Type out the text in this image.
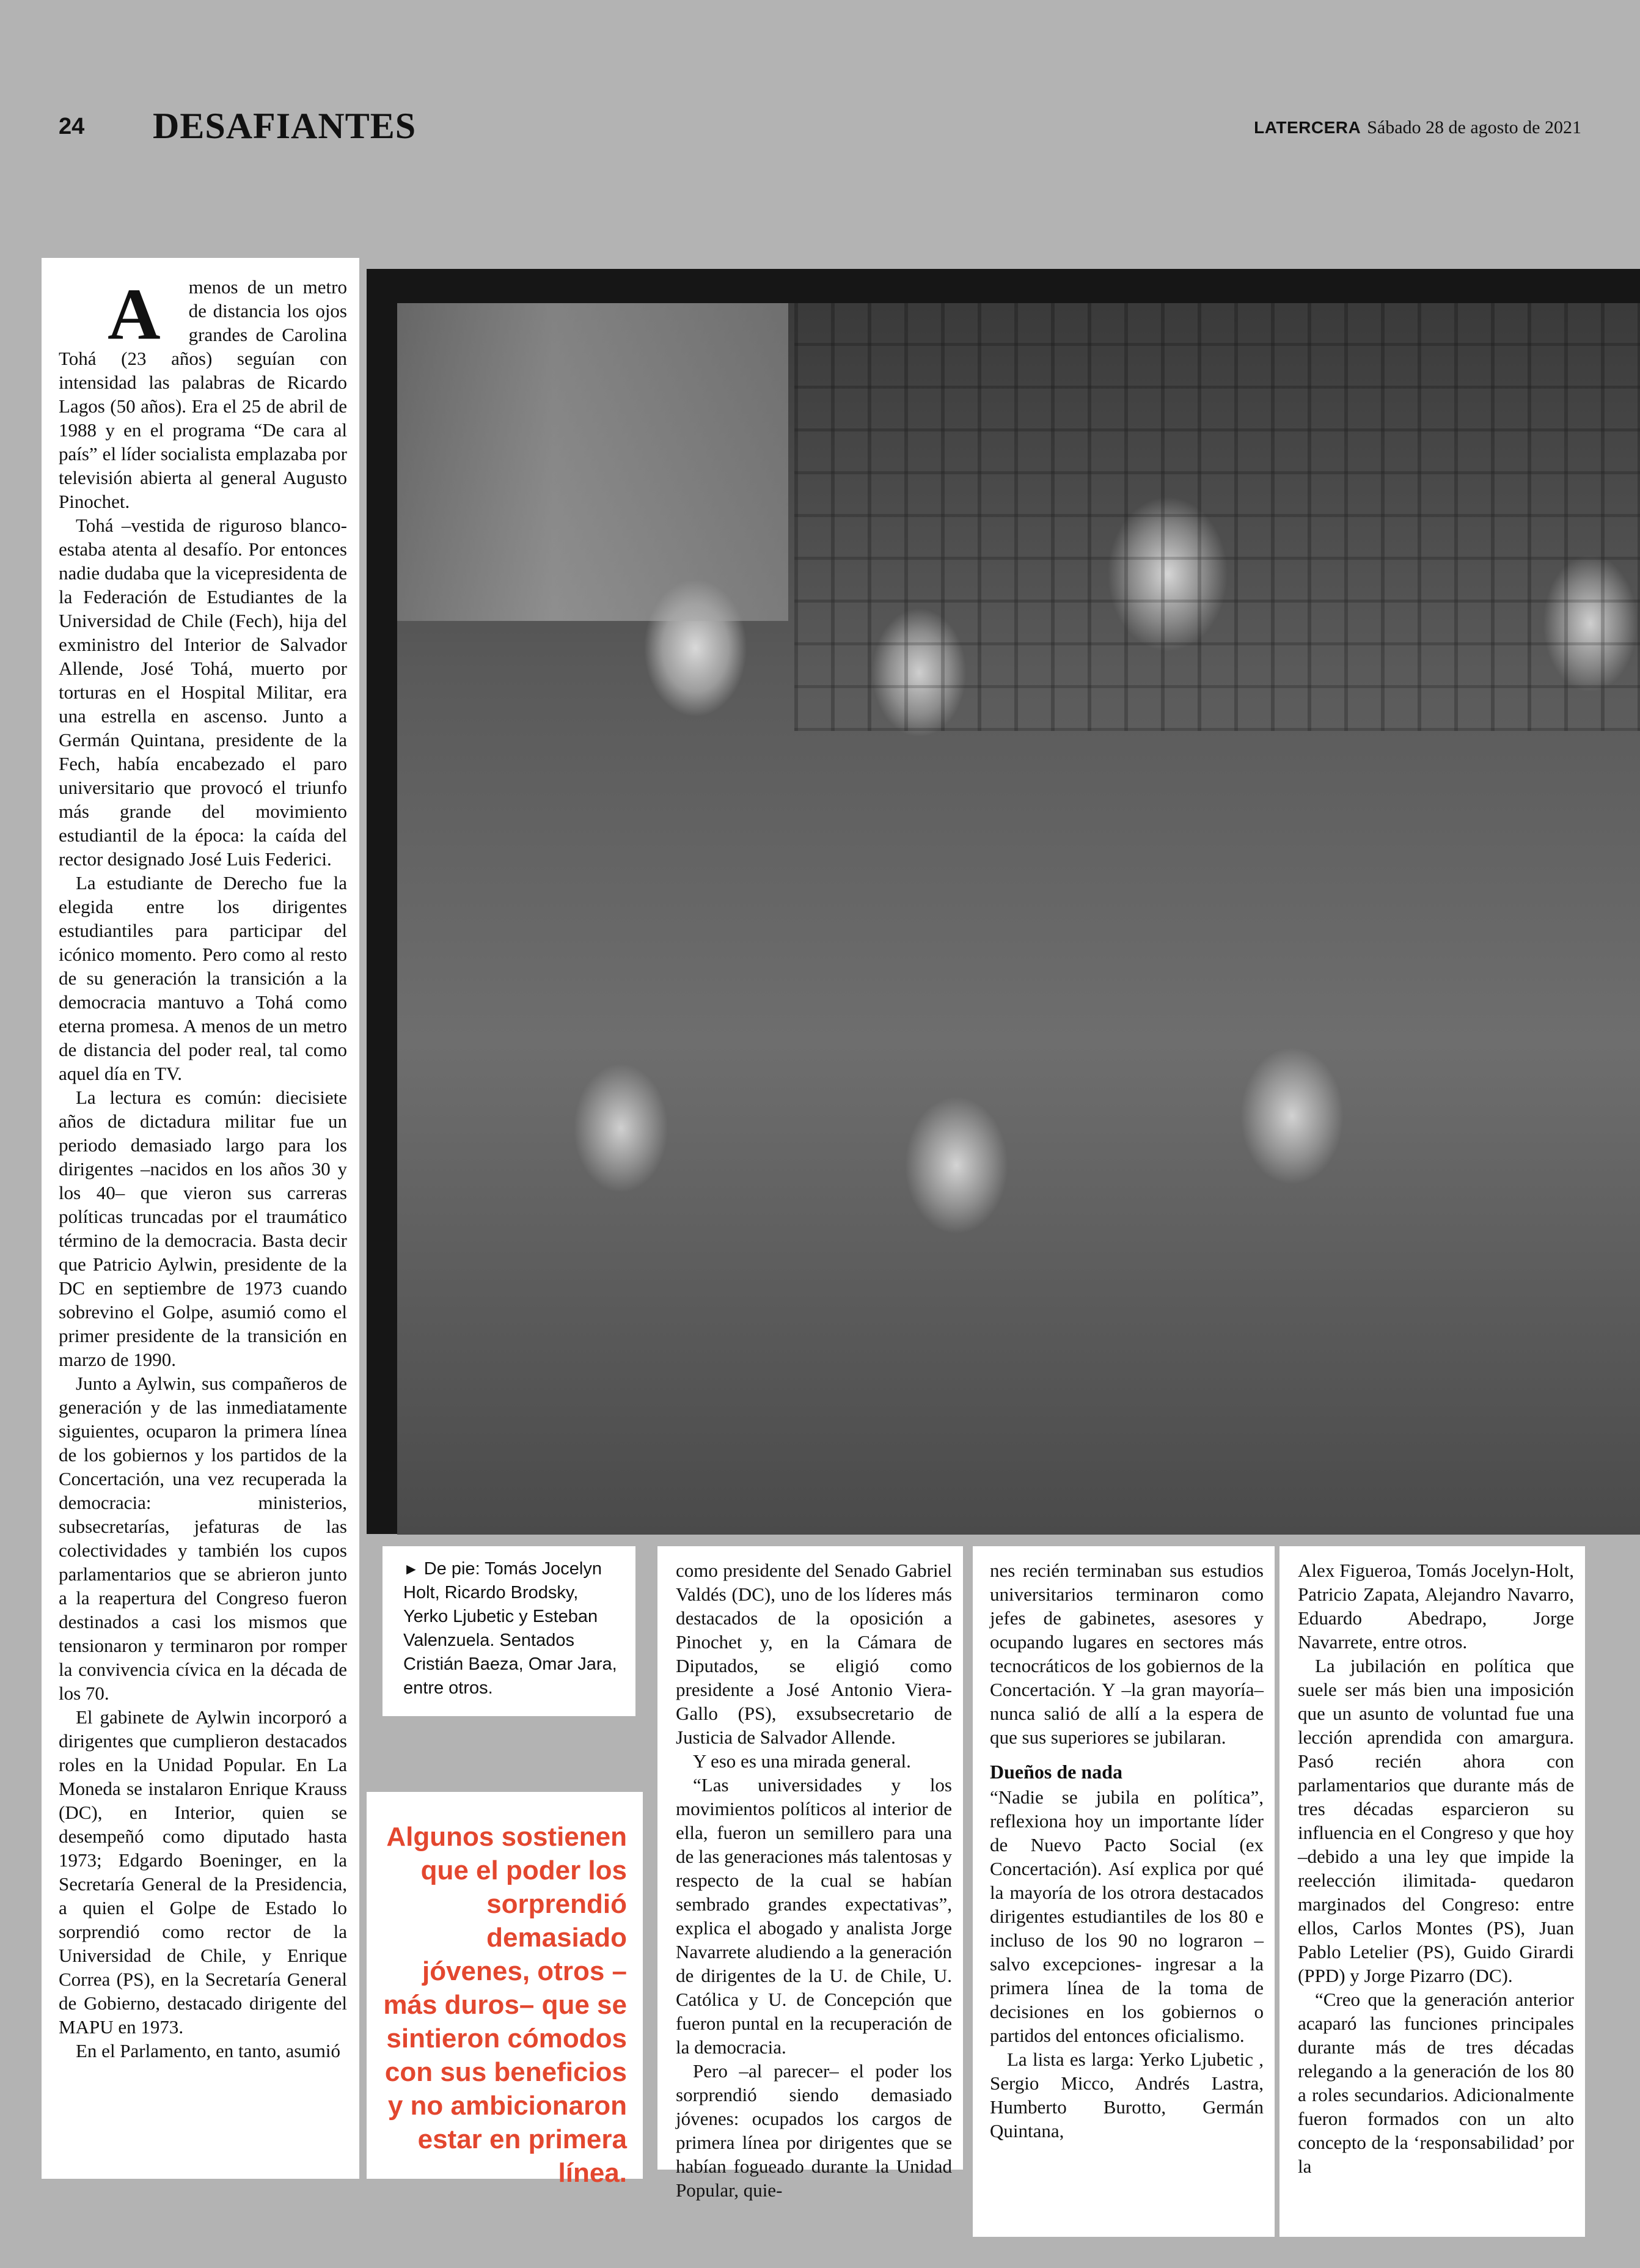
24 DESAFIANTES	LATERCERA Sábado 28 de agosto de 2021
A	menos de un metro de distancia los ojos grandes de Carolina Tohá (23 años) seguían con intensidad las palabras de Ricardo Lagos (50 años). Era el 25 de abril de 1988 y en el programa “De cara al país” el líder socialista emplazaba por televisión abierta al general Augusto Pinochet.

Tohá –vestida de riguroso blanco- estaba atenta al desafío. Por entonces nadie dudaba que la vicepresidenta de la Federación de Estudiantes de la Universidad de Chile (Fech), hija del exministro del Interior de Salvador Allende, José Tohá, muerto por torturas en el Hospital Militar, era una estrella en ascenso. Junto a Germán Quintana, presidente de la Fech, había encabezado el paro universitario que provocó el triunfo más grande del movimiento estudiantil de la época: la caída del rector designado José Luis Federici.

La estudiante de Derecho fue la elegida entre los dirigentes estudiantiles para participar del icónico momento. Pero como al resto de su generación la transición a la democracia mantuvo a Tohá como eterna promesa. A menos de un metro de distancia del poder real, tal como aquel día en TV.

La lectura es común: diecisiete años de dictadura militar fue un periodo demasiado largo para los dirigentes –nacidos en los años 30 y los 40– que vieron sus carreras políticas truncadas por el traumático término de la democracia. Basta decir que Patricio Aylwin, presidente de la DC en septiembre de 1973 cuando sobrevino el Golpe, asumió como el primer presidente de la transición en marzo de 1990.

Junto a Aylwin, sus compañeros de generación y de las inmediatamente siguientes, ocuparon la primera línea de los gobiernos y los partidos de la Concertación, una vez recuperada la democracia: ministerios, subsecretarías, jefaturas de las colectividades y también los cupos parlamentarios que se abrieron junto a la reapertura del Congreso fueron destinados a casi los mismos que tensionaron y terminaron por romper la convivencia cívica en la década de los 70.

El gabinete de Aylwin incorporó a dirigentes que cumplieron destacados roles en la Unidad Popular. En La Moneda se instalaron Enrique Krauss (DC), en Interior, quien se desempeñó como diputado hasta 1973; Edgardo Boeninger, en la Secretaría General de la Presidencia, a quien el Golpe de Estado lo sorprendió como rector de la Universidad de Chile, y Enrique Correa (PS), en la Secretaría General de Gobierno, destacado dirigente del MAPU en 1973.

En el Parlamento, en tanto, asumió

► De pie: Tomás Jocelyn Holt, Ricardo Brodsky, Yerko Ljubetic y Esteban Valenzuela. Sentados Cristián Baeza, Omar Jara, entre otros.
Algunos sostienen que el poder los sorprendió demasiado jóvenes, otros –más duros– que se sintieron cómodos con sus beneficios y no ambicionaron estar en primera línea.

como presidente del Senado Gabriel Valdés (DC), uno de los líderes más destacados de la oposición a Pinochet y, en la Cámara de Diputados, se eligió como presidente a José Antonio Viera-Gallo (PS), exsubsecretario de Justicia de Salvador Allende.

Y eso es una mirada general.

“Las universidades y los movimientos políticos al interior de ella, fueron un semillero para una de las generaciones más talentosas y respecto de la cual se habían sembrado grandes expectativas”, explica el abogado y analista Jorge Navarrete aludiendo a la generación de dirigentes de la U. de Chile, U. Católica y U. de Concepción que fueron puntal en la recuperación de la democracia.

Pero –al parecer– el poder los sorprendió siendo demasiado jóvenes: ocupados los cargos de primera línea por dirigentes que se habían fogueado durante la Unidad Popular, quie-

nes recién terminaban sus estudios universitarios terminaron como jefes de gabinetes, asesores y ocupando lugares en sectores más tecnocráticos de los gobiernos de la Concertación. Y –la gran mayoría– nunca salió de allí a la espera de que sus superiores se jubilaran.

Dueños de nada

“Nadie se jubila en política”, reflexiona hoy un importante líder de Nuevo Pacto Social (ex Concertación). Así explica por qué la mayoría de los otrora destacados dirigentes estudiantiles de los 80 e incluso de los 90 no lograron –salvo excepciones- ingresar a la primera línea de la toma de decisiones en los gobiernos o partidos del entonces oficialismo.

La lista es larga: Yerko Ljubetic , Sergio Micco, Andrés Lastra, Humberto Burotto, Germán Quintana,

Alex Figueroa, Tomás Jocelyn-Holt, Patricio Zapata, Alejandro Navarro, Eduardo Abedrapo, Jorge Navarrete, entre otros.

La jubilación en política que suele ser más bien una imposición que un asunto de voluntad fue una lección aprendida con amargura. Pasó recién ahora con parlamentarios que durante más de tres décadas esparcieron su influencia en el Congreso y que hoy –debido a una ley que impide la reelección ilimitada- quedaron marginados del Congreso: entre ellos, Carlos Montes (PS), Juan Pablo Letelier (PS), Guido Girardi (PPD) y Jorge Pizarro (DC).

“Creo que la generación anterior acaparó las funciones principales durante más de tres décadas relegando a la generación de los 80 a roles secundarios. Adicionalmente fueron formados con un alto concepto de la ‘responsabilidad’ por la
